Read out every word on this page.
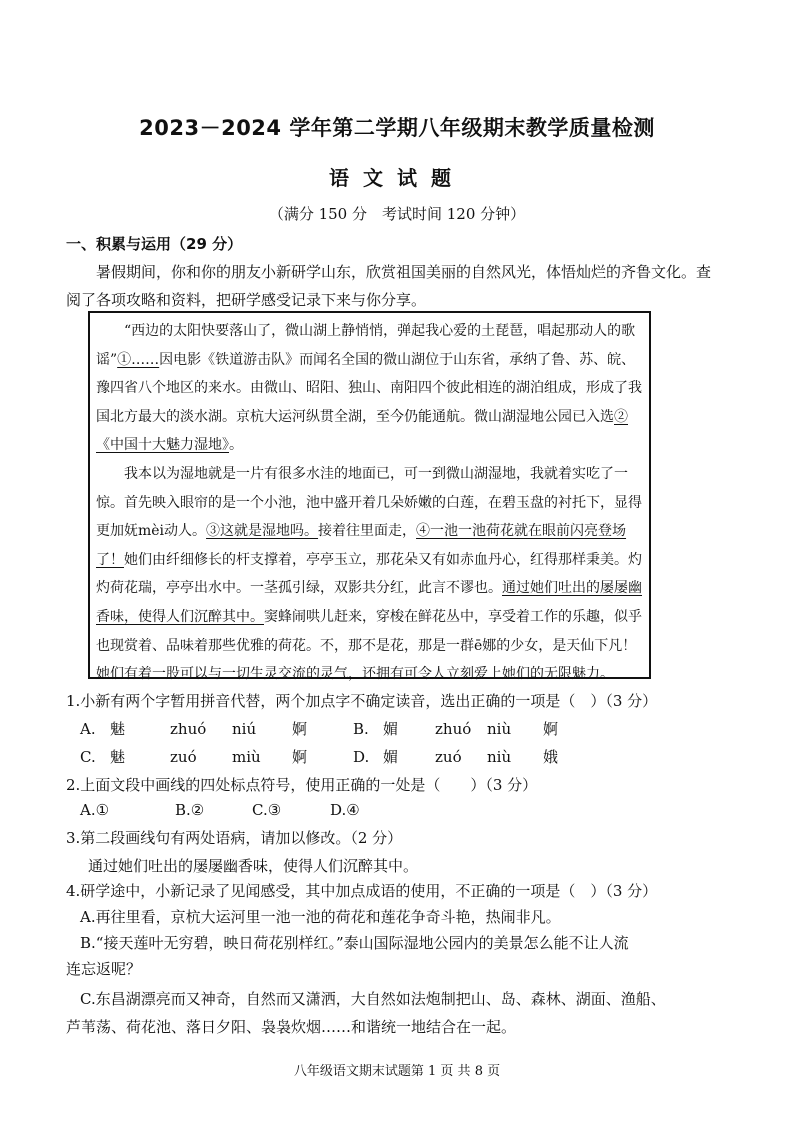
2023－2024 学年第二学期八年级期末教学质量检测
语文试题
（满分 150 分　考试时间 120 分钟）
一、积累与运用（29 分）
暑假期间，你和你的朋友小新研学山东，欣赏祖国美丽的自然风光，体悟灿烂的齐鲁文化。查阅了各项攻略和资料，把研学感受记录下来与你分享。

“西边的太阳快要落山了，微山湖上静悄悄，弹起我心爱的土琵琶，唱起那动人的歌谣”①……因电影《铁道游击队》而闻名全国的微山湖位于山东省，承纳了鲁、苏、皖、豫四省八个地区的来水。由微山、昭阳、独山、南阳四个彼此相连的湖泊组成，形成了我国北方最大的淡水湖。京杭大运河纵贯全湖，至今仍能通航。微山湖湿地公园已入选②《中国十大魅力湿地》。

我本以为湿地就是一片有很多水洼的地面已，可一到微山湖湿地，我就着实吃了一惊。首先映入眼帘的是一个小池，池中盛开着几朵娇嫩的白莲，在碧玉盘的衬托下，显得更加妩mèi动人。③这就是湿地吗。接着往里面走，④一池一池荷花就在眼前闪亮登场了！她们由纤细修长的杆支撑着，亭亭玉立，那花朵又有如赤血丹心，红得那样秉美。灼灼荷花瑞，亭亭出水中。一茎孤引绿，双影共分红，此言不谬也。通过她们吐出的屡屡幽香味，使得人们沉醉其中。窦蜂闹哄儿赶来，穿梭在鲜花丛中，享受着工作的乐趣，似乎也现赏着、品味着那些优雅的荷花。不，那不是花，那是一群ē娜的少女，是天仙下凡！她们有着一股可以与一切生灵交流的灵气，还拥有可令人立刻爱上她们的无限魅力。

1.小新有两个字暂用拼音代替，两个加点字不确定读音，选出正确的一项是（　）（3 分）
A. 魅	zhuó niú 婀	B. 媚 zhuó niù 婀
C. 魅	zuó miù 婀	D. 媚 zuó niù 娥
2.上面文段中画线的四处标点符号，使用正确的一处是（　　）（3 分）
A.①	B.②	C.③	D.④
3.第二段画线句有两处语病，请加以修改。（2 分）
通过她们吐出的屡屡幽香味，使得人们沉醉其中。
4.研学途中，小新记录了见闻感受，其中加点成语的使用，不正确的一项是（　）（3 分）
A.再往里看，京杭大运河里一池一池的荷花和莲花争奇斗艳，热闹非凡。
B.“接天莲叶无穷碧，映日荷花别样红。”泰山国际湿地公园内的美景怎么能不让人流
连忘返呢？
C.东昌湖漂亮而又神奇，自然而又潇洒，大自然如法炮制把山、岛、森林、湖面、渔船、
芦苇荡、荷花池、落日夕阳、袅袅炊烟……和谐统一地结合在一起。
八年级语文期末试题第 1 页 共 8 页
